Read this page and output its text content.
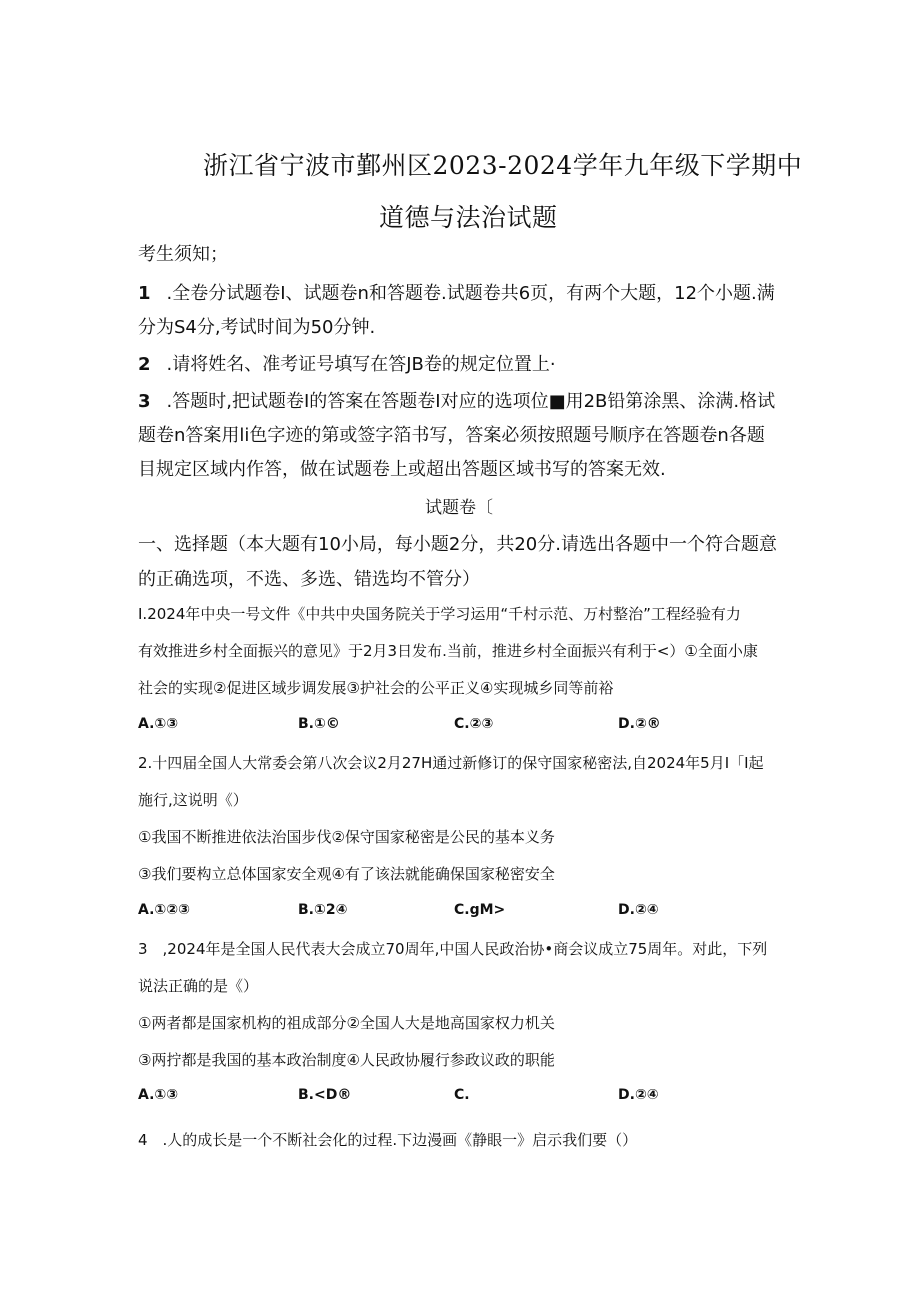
浙江省宁波市鄞州区2023-2024学年九年级下学期中
道德与法治试题
考生须知；
1 .全卷分试题卷I、试题卷n和答题卷.试题卷共6页，有两个大题，12个小题.满
分为S4分,考试时间为50分钟.
2 .请将姓名、准考证号填写在答JB卷的规定位置上·
3 .答题时,把试题卷I的答案在答题卷I对应的选项位■用2B铅第涂黑、涂满.格试
题卷n答案用li色字迹的第或签字箔书写，答案必须按照题号顺序在答题卷n各题
目规定区域内作答，做在试题卷上或超出答题区域书写的答案无效.
试题卷〔
一、选择题（本大题有10小局，每小题2分，共20分.请选出各题中一个符合题意
的正确选项，不选、多选、错选均不管分）
I.2024年中央一号文件《中共中央国务院关于学习运用“千村示范、万村整治”工程经验有力
有效推进乡村全面振兴的意见》于2月3日发布.当前，推进乡村全面振兴有利于<）①全面小康
社会的实现②促进区域步调发展③护社会的公平正义④实现城乡同等前裕
A.①③	B.①©	C.②③	D.②®
2.十四届全国人大常委会第八次会议2月27H通过新修订的保守国家秘密法,自2024年5月I「I起
施行,这说明《）
①我国不断推进依法治国步伐②保守国家秘密是公民的基本义务
③我们要构立总体国家安全观④有了该法就能确保国家秘密安全
A.①②③	B.①2④	C.gM>	D.②④
3　,2024年是全国人民代表大会成立70周年,中国人民政治协•商会议成立75周年。对此，下列
说法正确的是《）
①两者都是国家机构的祖成部分②全国人大是地高国家权力机关
③两拧都是我国的基本政治制度④人民政协履行参政议政的职能
A.①③	B.<D®	C.	D.②④
4　.人的成长是一个不断社会化的过程.下边漫画《静眼一》启示我们要（）
